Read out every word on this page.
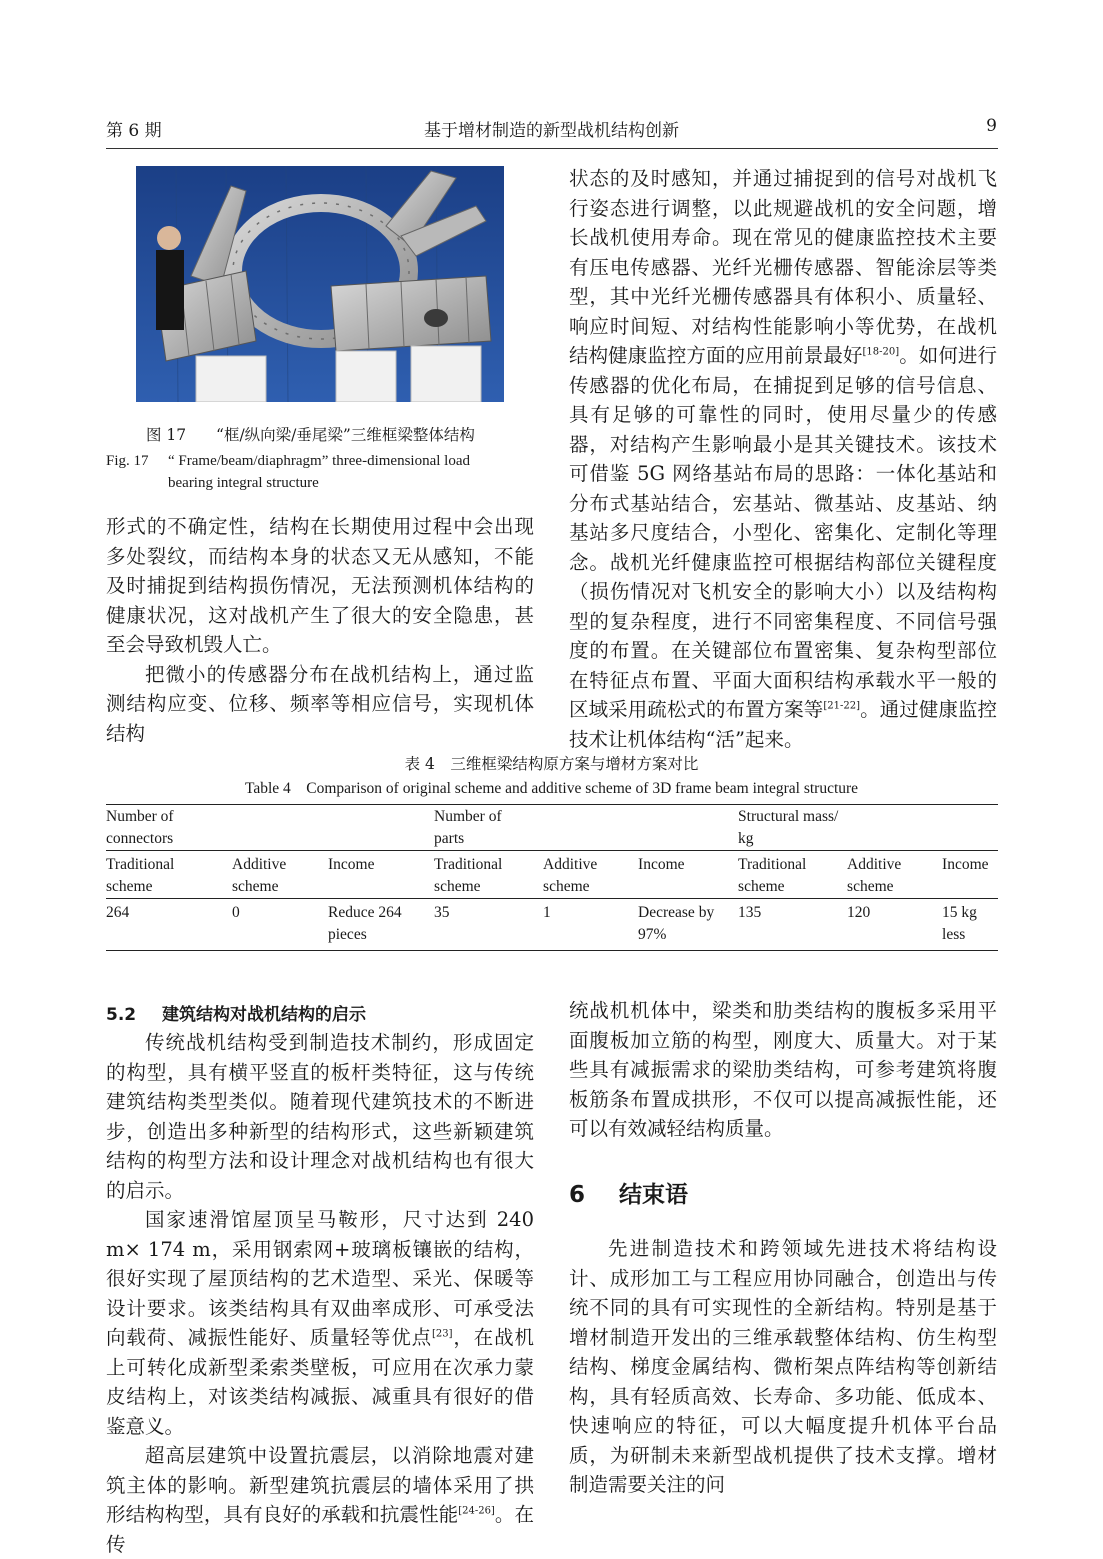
第 6 期	基于增材制造的新型战机结构创新	9
图 17 “框/纵向梁/垂尾梁”三维框梁整体结构
Fig. 17 “ Frame/beam/diaphragm” three-dimensional load
bearing integral structure

形式的不确定性，结构在长期使用过程中会出现多处裂纹，而结构本身的状态又无从感知，不能及时捕捉到结构损伤情况，无法预测机体结构的健康状况，这对战机产生了很大的安全隐患，甚至会导致机毁人亡。

把微小的传感器分布在战机结构上，通过监测结构应变、位移、频率等相应信号，实现机体结构

状态的及时感知，并通过捕捉到的信号对战机飞行姿态进行调整，以此规避战机的安全问题，增长战机使用寿命。现在常见的健康监控技术主要有压电传感器、光纤光栅传感器、智能涂层等类型，其中光纤光栅传感器具有体积小、质量轻、响应时间短、对结构性能影响小等优势，在战机结构健康监控方面的应用前景最好[18-20]。如何进行传感器的优化布局，在捕捉到足够的信号信息、具有足够的可靠性的同时，使用尽量少的传感器，对结构产生影响最小是其关键技术。该技术可借鉴 5G 网络基站布局的思路：一体化基站和分布式基站结合，宏基站、微基站、皮基站、纳基站多尺度结合，小型化、密集化、定制化等理念。战机光纤健康监控可根据结构部位关键程度（损伤情况对飞机安全的影响大小）以及结构构型的复杂程度，进行不同密集程度、不同信号强度的布置。在关键部位布置密集、复杂构型部位在特征点布置、平面大面积结构承载水平一般的区域采用疏松式的布置方案等[21-22]。通过健康监控技术让机体结构“活”起来。

表 4　三维框梁结构原方案与增材方案对比
Table 4　Comparison of original scheme and additive scheme of 3D frame beam integral structure
Number of connectors			Number of parts			Structural mass/ kg		

Traditional scheme	Additive scheme	Income	Traditional scheme	Additive scheme	Income	Traditional scheme	Additive scheme	Income
264	0	Reduce 264 pieces	35	1	Decrease by 97%	135	120	15 kg less
5.2 建筑结构对战机结构的启示

传统战机结构受到制造技术制约，形成固定的构型，具有横平竖直的板杆类特征，这与传统建筑结构类型类似。随着现代建筑技术的不断进步，创造出多种新型的结构形式，这些新颖建筑结构的构型方法和设计理念对战机结构也有很大的启示。

国家速滑馆屋顶呈马鞍形，尺寸达到 240 m× 174 m，采用钢索网+玻璃板镶嵌的结构，很好实现了屋顶结构的艺术造型、采光、保暖等设计要求。该类结构具有双曲率成形、可承受法向载荷、减振性能好、质量轻等优点[23]，在战机上可转化成新型柔索类壁板，可应用在次承力蒙皮结构上，对该类结构减振、减重具有很好的借鉴意义。

超高层建筑中设置抗震层，以消除地震对建筑主体的影响。新型建筑抗震层的墙体采用了拱形结构构型，具有良好的承载和抗震性能[24-26]。在传

统战机机体中，梁类和肋类结构的腹板多采用平面腹板加立筋的构型，刚度大、质量大。对于某些具有减振需求的梁肋类结构，可参考建筑将腹板筋条布置成拱形，不仅可以提高减振性能，还可以有效减轻结构质量。

6 结束语

先进制造技术和跨领域先进技术将结构设计、成形加工与工程应用协同融合，创造出与传统不同的具有可实现性的全新结构。特别是基于增材制造开发出的三维承载整体结构、仿生构型结构、梯度金属结构、微桁架点阵结构等创新结构，具有轻质高效、长寿命、多功能、低成本、快速响应的特征，可以大幅度提升机体平台品质，为研制未来新型战机提供了技术支撑。增材制造需要关注的问
